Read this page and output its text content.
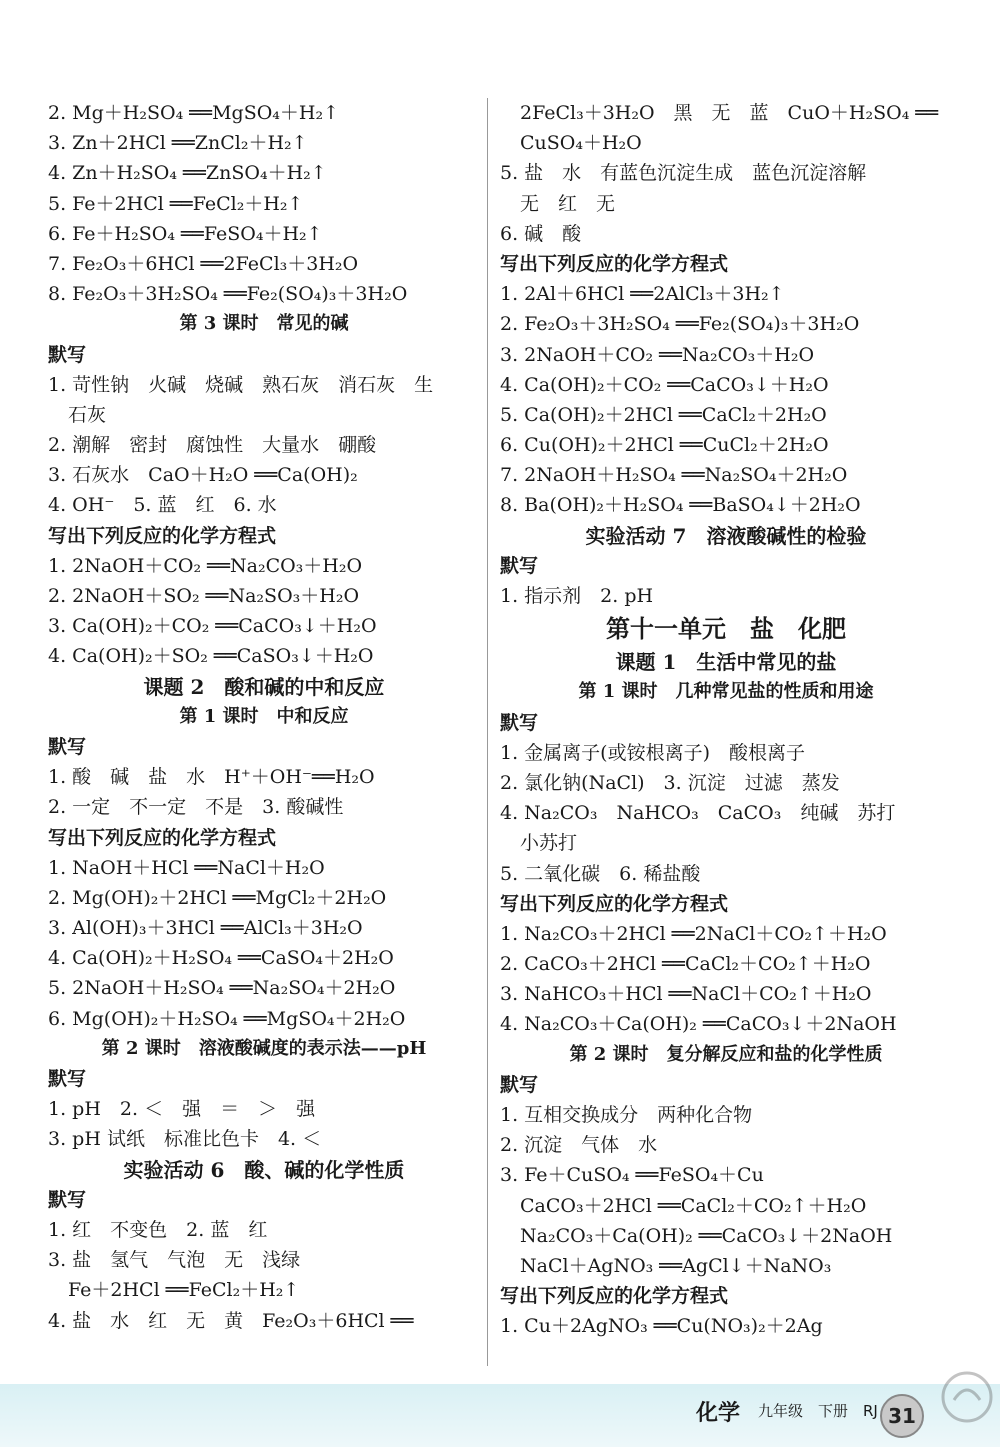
2. Mg＋H₂SO₄ ══MgSO₄＋H₂↑
3. Zn＋2HCl ══ZnCl₂＋H₂↑
4. Zn＋H₂SO₄ ══ZnSO₄＋H₂↑
5. Fe＋2HCl ══FeCl₂＋H₂↑
6. Fe＋H₂SO₄ ══FeSO₄＋H₂↑
7. Fe₂O₃＋6HCl ══2FeCl₃＋3H₂O
8. Fe₂O₃＋3H₂SO₄ ══Fe₂(SO₄)₃＋3H₂O
第 3 课时　常见的碱
默写
1. 苛性钠　火碱　烧碱　熟石灰　消石灰　生
石灰
2. 潮解　密封　腐蚀性　大量水　硼酸
3. 石灰水　CaO＋H₂O ══Ca(OH)₂
4. OH⁻　5. 蓝　红　6. 水
写出下列反应的化学方程式
1. 2NaOH＋CO₂ ══Na₂CO₃＋H₂O
2. 2NaOH＋SO₂ ══Na₂SO₃＋H₂O
3. Ca(OH)₂＋CO₂ ══CaCO₃↓＋H₂O
4. Ca(OH)₂＋SO₂ ══CaSO₃↓＋H₂O
课题 2　酸和碱的中和反应
第 1 课时　中和反应
默写
1. 酸　碱　盐　水　H⁺＋OH⁻══H₂O
2. 一定　不一定　不是　3. 酸碱性
写出下列反应的化学方程式
1. NaOH＋HCl ══NaCl＋H₂O
2. Mg(OH)₂＋2HCl ══MgCl₂＋2H₂O
3. Al(OH)₃＋3HCl ══AlCl₃＋3H₂O
4. Ca(OH)₂＋H₂SO₄ ══CaSO₄＋2H₂O
5. 2NaOH＋H₂SO₄ ══Na₂SO₄＋2H₂O
6. Mg(OH)₂＋H₂SO₄ ══MgSO₄＋2H₂O
第 2 课时　溶液酸碱度的表示法——pH
默写
1. pH　2. ＜　强　＝　＞　强
3. pH 试纸　标准比色卡　4. ＜
实验活动 6　酸、碱的化学性质
默写
1. 红　不变色　2. 蓝　红
3. 盐　氢气　气泡　无　浅绿
Fe＋2HCl ══FeCl₂＋H₂↑
4. 盐　水　红　无　黄　Fe₂O₃＋6HCl ══
2FeCl₃＋3H₂O　黑　无　蓝　CuO＋H₂SO₄ ══
CuSO₄＋H₂O
5. 盐　水　有蓝色沉淀生成　蓝色沉淀溶解
无　红　无
6. 碱　酸
写出下列反应的化学方程式
1. 2Al＋6HCl ══2AlCl₃＋3H₂↑
2. Fe₂O₃＋3H₂SO₄ ══Fe₂(SO₄)₃＋3H₂O
3. 2NaOH＋CO₂ ══Na₂CO₃＋H₂O
4. Ca(OH)₂＋CO₂ ══CaCO₃↓＋H₂O
5. Ca(OH)₂＋2HCl ══CaCl₂＋2H₂O
6. Cu(OH)₂＋2HCl ══CuCl₂＋2H₂O
7. 2NaOH＋H₂SO₄ ══Na₂SO₄＋2H₂O
8. Ba(OH)₂＋H₂SO₄ ══BaSO₄↓＋2H₂O
实验活动 7　溶液酸碱性的检验
默写
1. 指示剂　2. pH
第十一单元　盐　化肥
课题 1　生活中常见的盐
第 1 课时　几种常见盐的性质和用途
默写
1. 金属离子(或铵根离子)　酸根离子
2. 氯化钠(NaCl)　3. 沉淀　过滤　蒸发
4. Na₂CO₃　NaHCO₃　CaCO₃　纯碱　苏打
小苏打
5. 二氧化碳　6. 稀盐酸
写出下列反应的化学方程式
1. Na₂CO₃＋2HCl ══2NaCl＋CO₂↑＋H₂O
2. CaCO₃＋2HCl ══CaCl₂＋CO₂↑＋H₂O
3. NaHCO₃＋HCl ══NaCl＋CO₂↑＋H₂O
4. Na₂CO₃＋Ca(OH)₂ ══CaCO₃↓＋2NaOH
第 2 课时　复分解反应和盐的化学性质
默写
1. 互相交换成分　两种化合物
2. 沉淀　气体　水
3. Fe＋CuSO₄ ══FeSO₄＋Cu
CaCO₃＋2HCl ══CaCl₂＋CO₂↑＋H₂O
Na₂CO₃＋Ca(OH)₂ ══CaCO₃↓＋2NaOH
NaCl＋AgNO₃ ══AgCl↓＋NaNO₃
写出下列反应的化学方程式
1. Cu＋2AgNO₃ ══Cu(NO₃)₂＋2Ag
化学 九年级　下册　RJ 31
